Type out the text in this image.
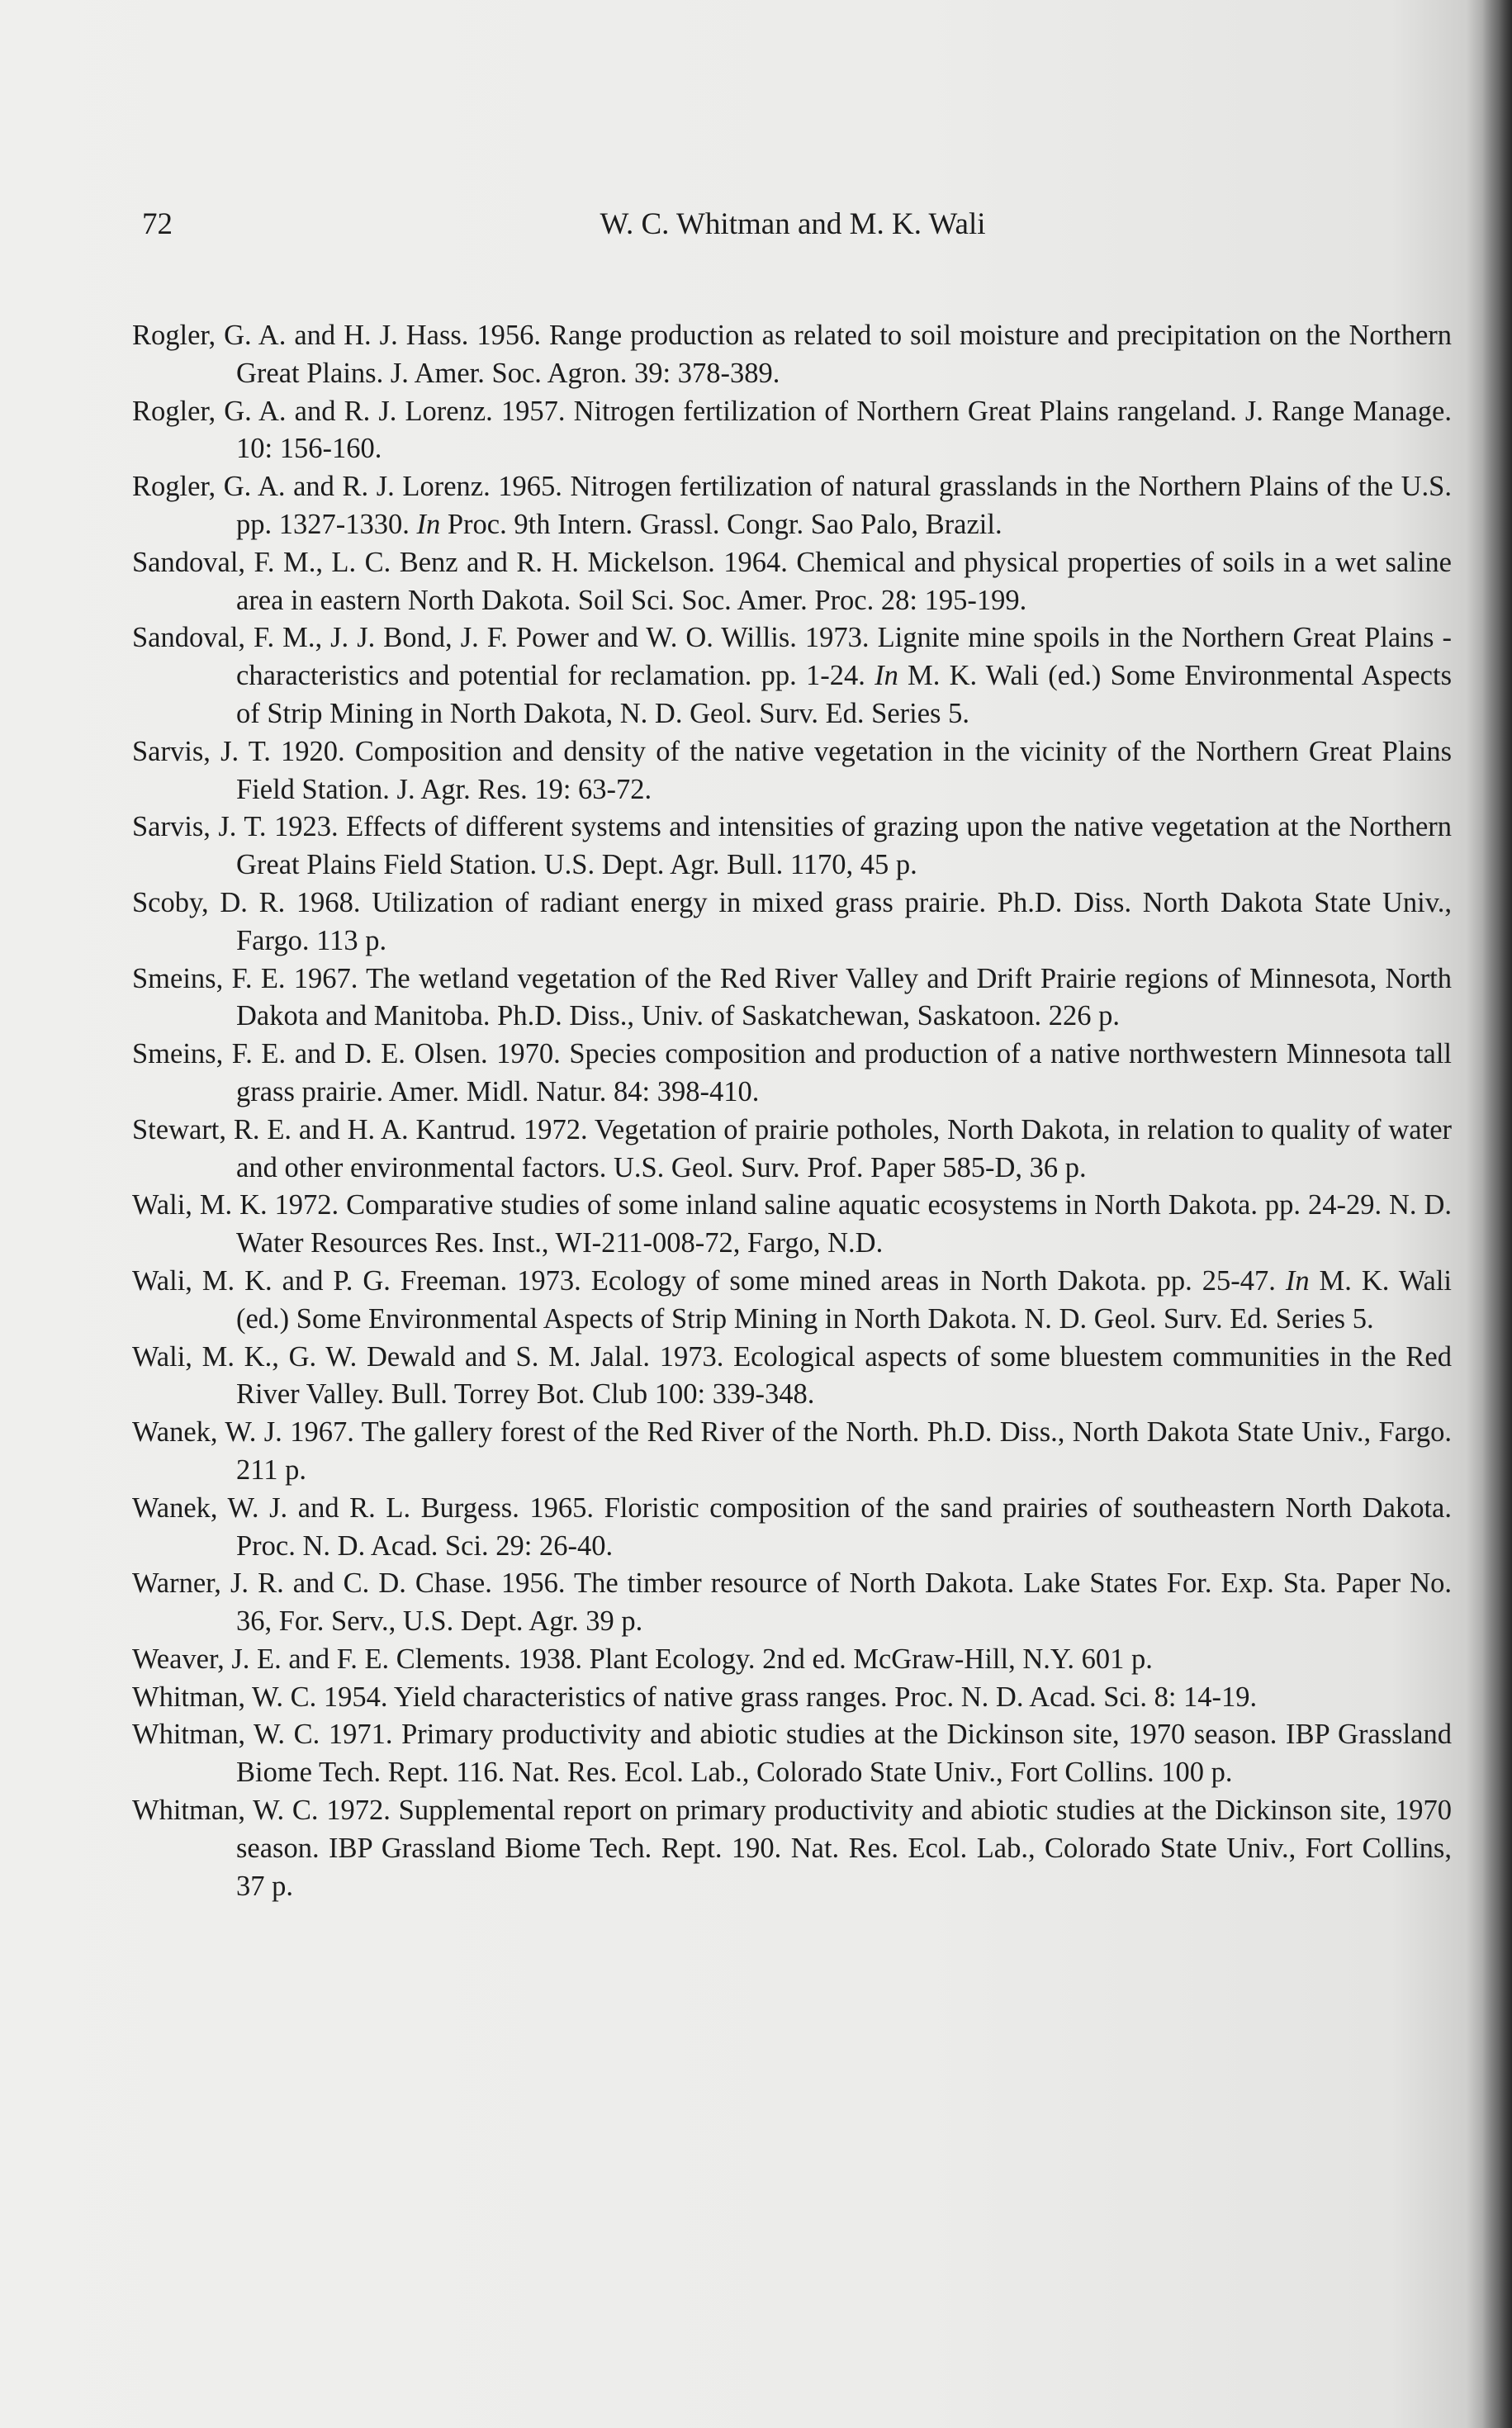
72	W. C. Whitman and M. K. Wali
Rogler, G. A. and H. J. Hass. 1956. Range production as related to soil moisture and precipitation on the Northern Great Plains. J. Amer. Soc. Agron. 39: 378-389.
Rogler, G. A. and R. J. Lorenz. 1957. Nitrogen fertilization of Northern Great Plains rangeland. J. Range Manage. 10: 156-160.
Rogler, G. A. and R. J. Lorenz. 1965. Nitrogen fertilization of natural grasslands in the Northern Plains of the U.S. pp. 1327-1330. In Proc. 9th Intern. Grassl. Congr. Sao Palo, Brazil.
Sandoval, F. M., L. C. Benz and R. H. Mickelson. 1964. Chemical and physical properties of soils in a wet saline area in eastern North Dakota. Soil Sci. Soc. Amer. Proc. 28: 195-199.
Sandoval, F. M., J. J. Bond, J. F. Power and W. O. Willis. 1973. Lignite mine spoils in the Northern Great Plains - characteristics and potential for reclamation. pp. 1-24. In M. K. Wali (ed.) Some Environmental Aspects of Strip Mining in North Dakota, N. D. Geol. Surv. Ed. Series 5.
Sarvis, J. T. 1920. Composition and density of the native vegetation in the vicinity of the Northern Great Plains Field Station. J. Agr. Res. 19: 63-72.
Sarvis, J. T. 1923. Effects of different systems and intensities of grazing upon the native vegetation at the Northern Great Plains Field Station. U.S. Dept. Agr. Bull. 1170, 45 p.
Scoby, D. R. 1968. Utilization of radiant energy in mixed grass prairie. Ph.D. Diss. North Dakota State Univ., Fargo. 113 p.
Smeins, F. E. 1967. The wetland vegetation of the Red River Valley and Drift Prairie regions of Minnesota, North Dakota and Manitoba. Ph.D. Diss., Univ. of Saskatchewan, Saskatoon. 226 p.
Smeins, F. E. and D. E. Olsen. 1970. Species composition and production of a native northwestern Minnesota tall grass prairie. Amer. Midl. Natur. 84: 398-410.
Stewart, R. E. and H. A. Kantrud. 1972. Vegetation of prairie potholes, North Dakota, in relation to quality of water and other environmental factors. U.S. Geol. Surv. Prof. Paper 585-D, 36 p.
Wali, M. K. 1972. Comparative studies of some inland saline aquatic ecosystems in North Dakota. pp. 24-29. N. D. Water Resources Res. Inst., WI-211-008-72, Fargo, N.D.
Wali, M. K. and P. G. Freeman. 1973. Ecology of some mined areas in North Dakota. pp. 25-47. In M. K. Wali (ed.) Some Environmental Aspects of Strip Mining in North Dakota. N. D. Geol. Surv. Ed. Series 5.
Wali, M. K., G. W. Dewald and S. M. Jalal. 1973. Ecological aspects of some bluestem communities in the Red River Valley. Bull. Torrey Bot. Club 100: 339-348.
Wanek, W. J. 1967. The gallery forest of the Red River of the North. Ph.D. Diss., North Dakota State Univ., Fargo. 211 p.
Wanek, W. J. and R. L. Burgess. 1965. Floristic composition of the sand prairies of southeastern North Dakota. Proc. N. D. Acad. Sci. 29: 26-40.
Warner, J. R. and C. D. Chase. 1956. The timber resource of North Dakota. Lake States For. Exp. Sta. Paper No. 36, For. Serv., U.S. Dept. Agr. 39 p.
Weaver, J. E. and F. E. Clements. 1938. Plant Ecology. 2nd ed. McGraw-Hill, N.Y. 601 p.
Whitman, W. C. 1954. Yield characteristics of native grass ranges. Proc. N. D. Acad. Sci. 8: 14-19.
Whitman, W. C. 1971. Primary productivity and abiotic studies at the Dickinson site, 1970 season. IBP Grassland Biome Tech. Rept. 116. Nat. Res. Ecol. Lab., Colorado State Univ., Fort Collins. 100 p.
Whitman, W. C. 1972. Supplemental report on primary productivity and abiotic studies at the Dickinson site, 1970 season. IBP Grassland Biome Tech. Rept. 190. Nat. Res. Ecol. Lab., Colorado State Univ., Fort Collins, 37 p.
